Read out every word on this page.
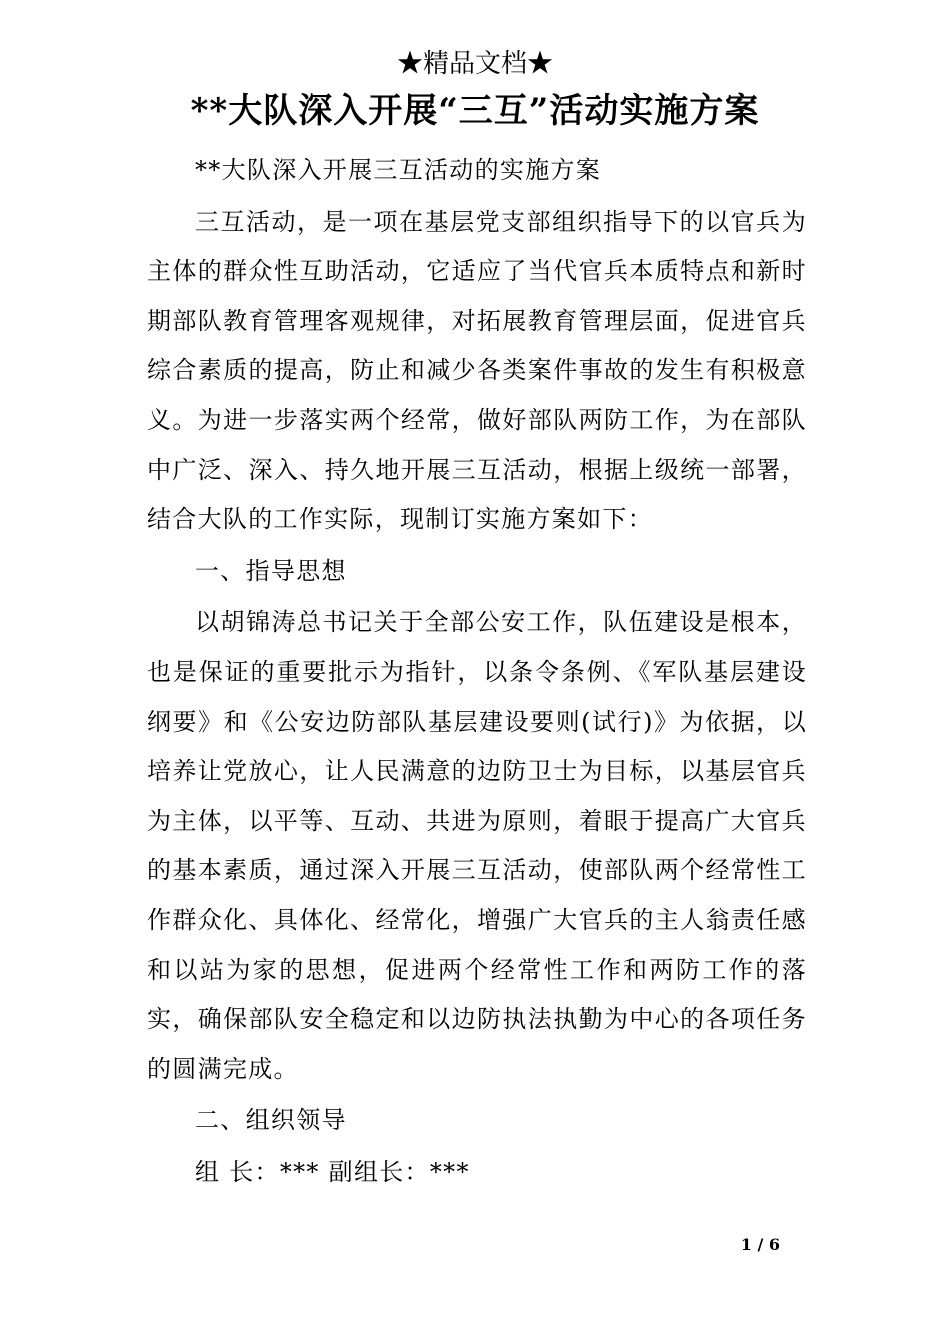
★精品文档★
**大队深入开展“三互”活动实施方案

**大队深入开展三互活动的实施方案

三互活动，是一项在基层党支部组织指导下的以官兵为主体的群众性互助活动，它适应了当代官兵本质特点和新时期部队教育管理客观规律，对拓展教育管理层面，促进官兵综合素质的提高，防止和减少各类案件事故的发生有积极意义。为进一步落实两个经常，做好部队两防工作，为在部队中广泛、深入、持久地开展三互活动，根据上级统一部署，结合大队的工作实际，现制订实施方案如下：

一、指导思想

以胡锦涛总书记关于全部公安工作，队伍建设是根本，也是保证的重要批示为指针，以条令条例、《军队基层建设纲要》和《公安边防部队基层建设要则(试行)》为依据，以培养让党放心，让人民满意的边防卫士为目标，以基层官兵为主体，以平等、互动、共进为原则，着眼于提高广大官兵的基本素质，通过深入开展三互活动，使部队两个经常性工作群众化、具体化、经常化，增强广大官兵的主人翁责任感和以站为家的思想，促进两个经常性工作和两防工作的落实，确保部队安全稳定和以边防执法执勤为中心的各项任务的圆满完成。

二、组织领导

组 长：*** 副组长：***

1 / 6
